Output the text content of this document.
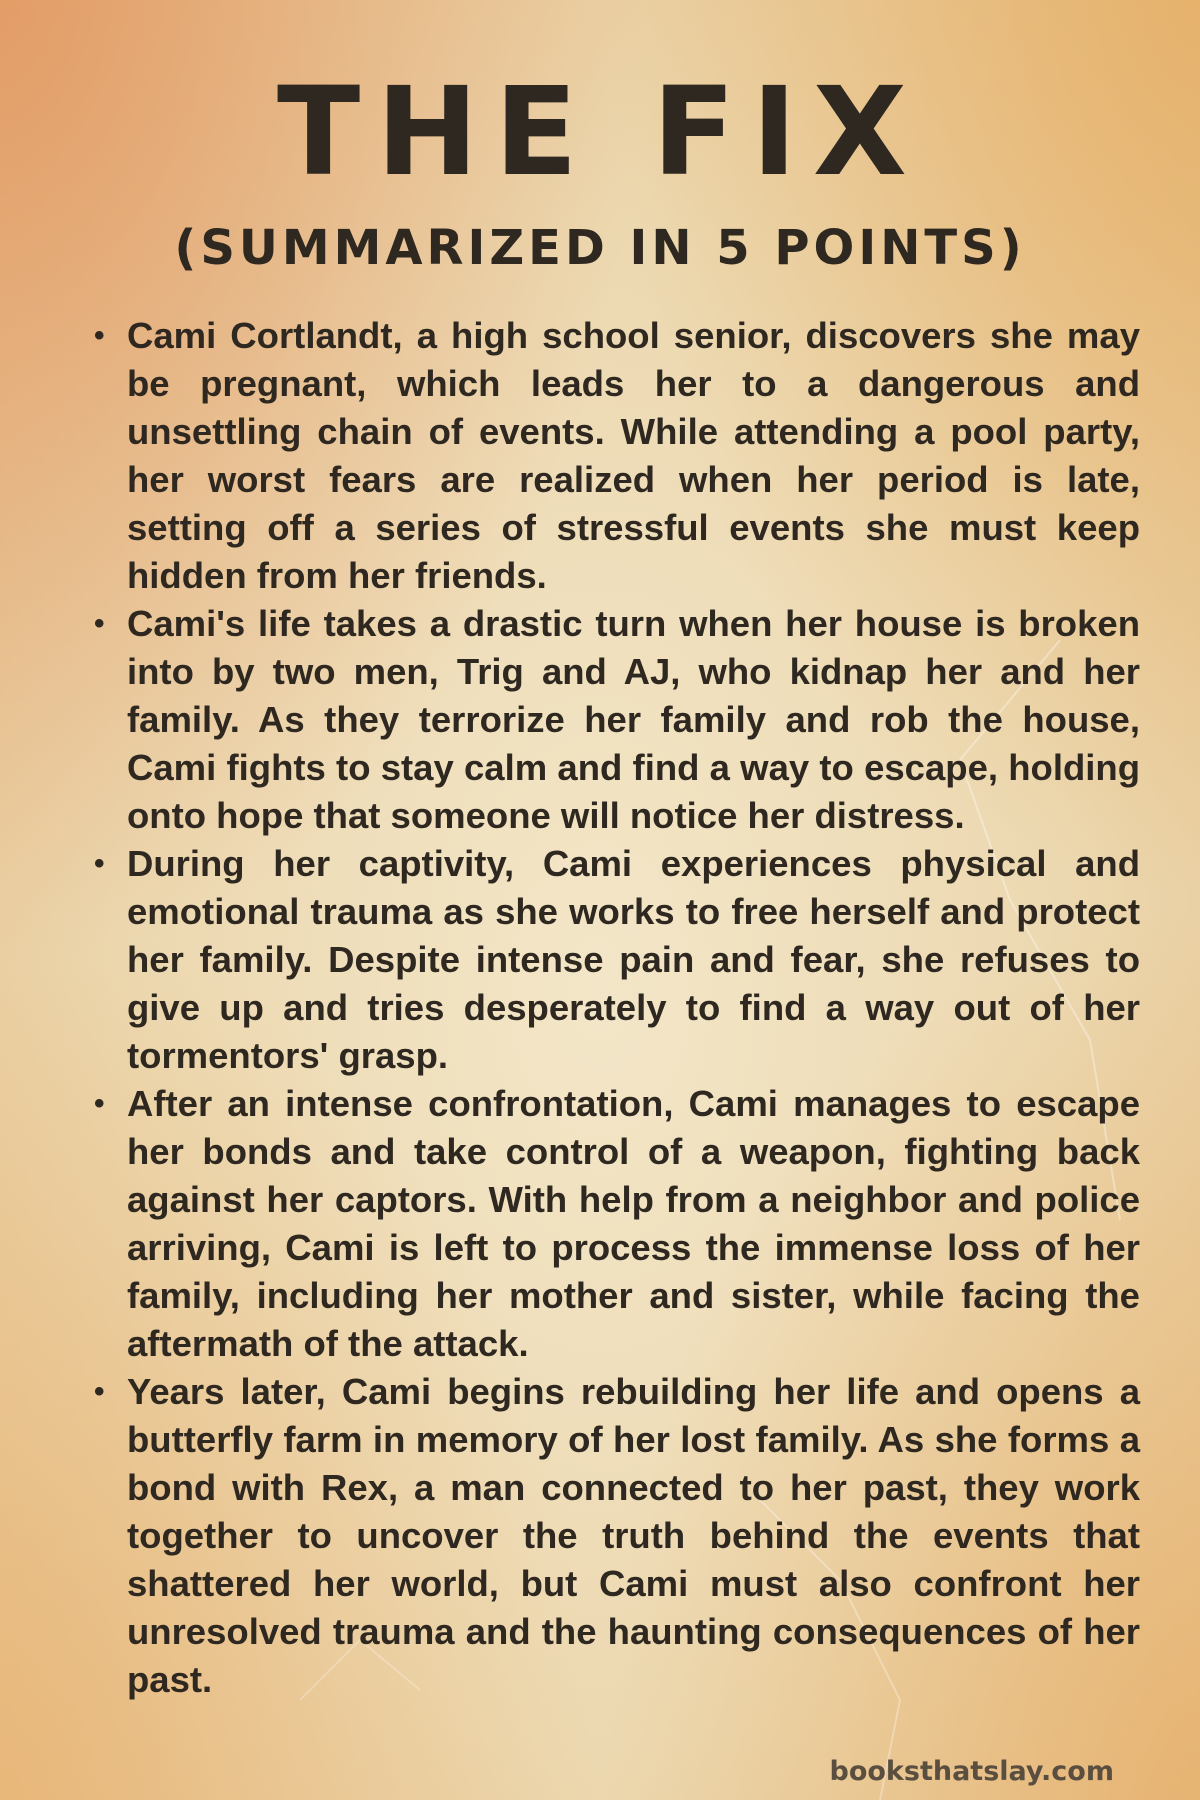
THE FIX
(SUMMARIZED IN 5 POINTS)
• Cami Cortlandt, a high school senior, discovers she may be pregnant, which leads her to a dangerous and unsettling chain of events. While attending a pool party, her worst fears are realized when her period is late, setting off a series of stressful events she must keep hidden from her friends.
• Cami's life takes a drastic turn when her house is broken into by two men, Trig and AJ, who kidnap her and her family. As they terrorize her family and rob the house, Cami fights to stay calm and find a way to escape, holding onto hope that someone will notice her distress.
• During her captivity, Cami experiences physical and emotional trauma as she works to free herself and protect her family. Despite intense pain and fear, she refuses to give up and tries desperately to find a way out of her tormentors' grasp.
• After an intense confrontation, Cami manages to escape her bonds and take control of a weapon, fighting back against her captors. With help from a neighbor and police arriving, Cami is left to process the immense loss of her family, including her mother and sister, while facing the aftermath of the attack.
• Years later, Cami begins rebuilding her life and opens a butterfly farm in memory of her lost family. As she forms a bond with Rex, a man connected to her past, they work together to uncover the truth behind the events that shattered her world, but Cami must also confront her unresolved trauma and the haunting consequences of her past.
booksthatslay.com
